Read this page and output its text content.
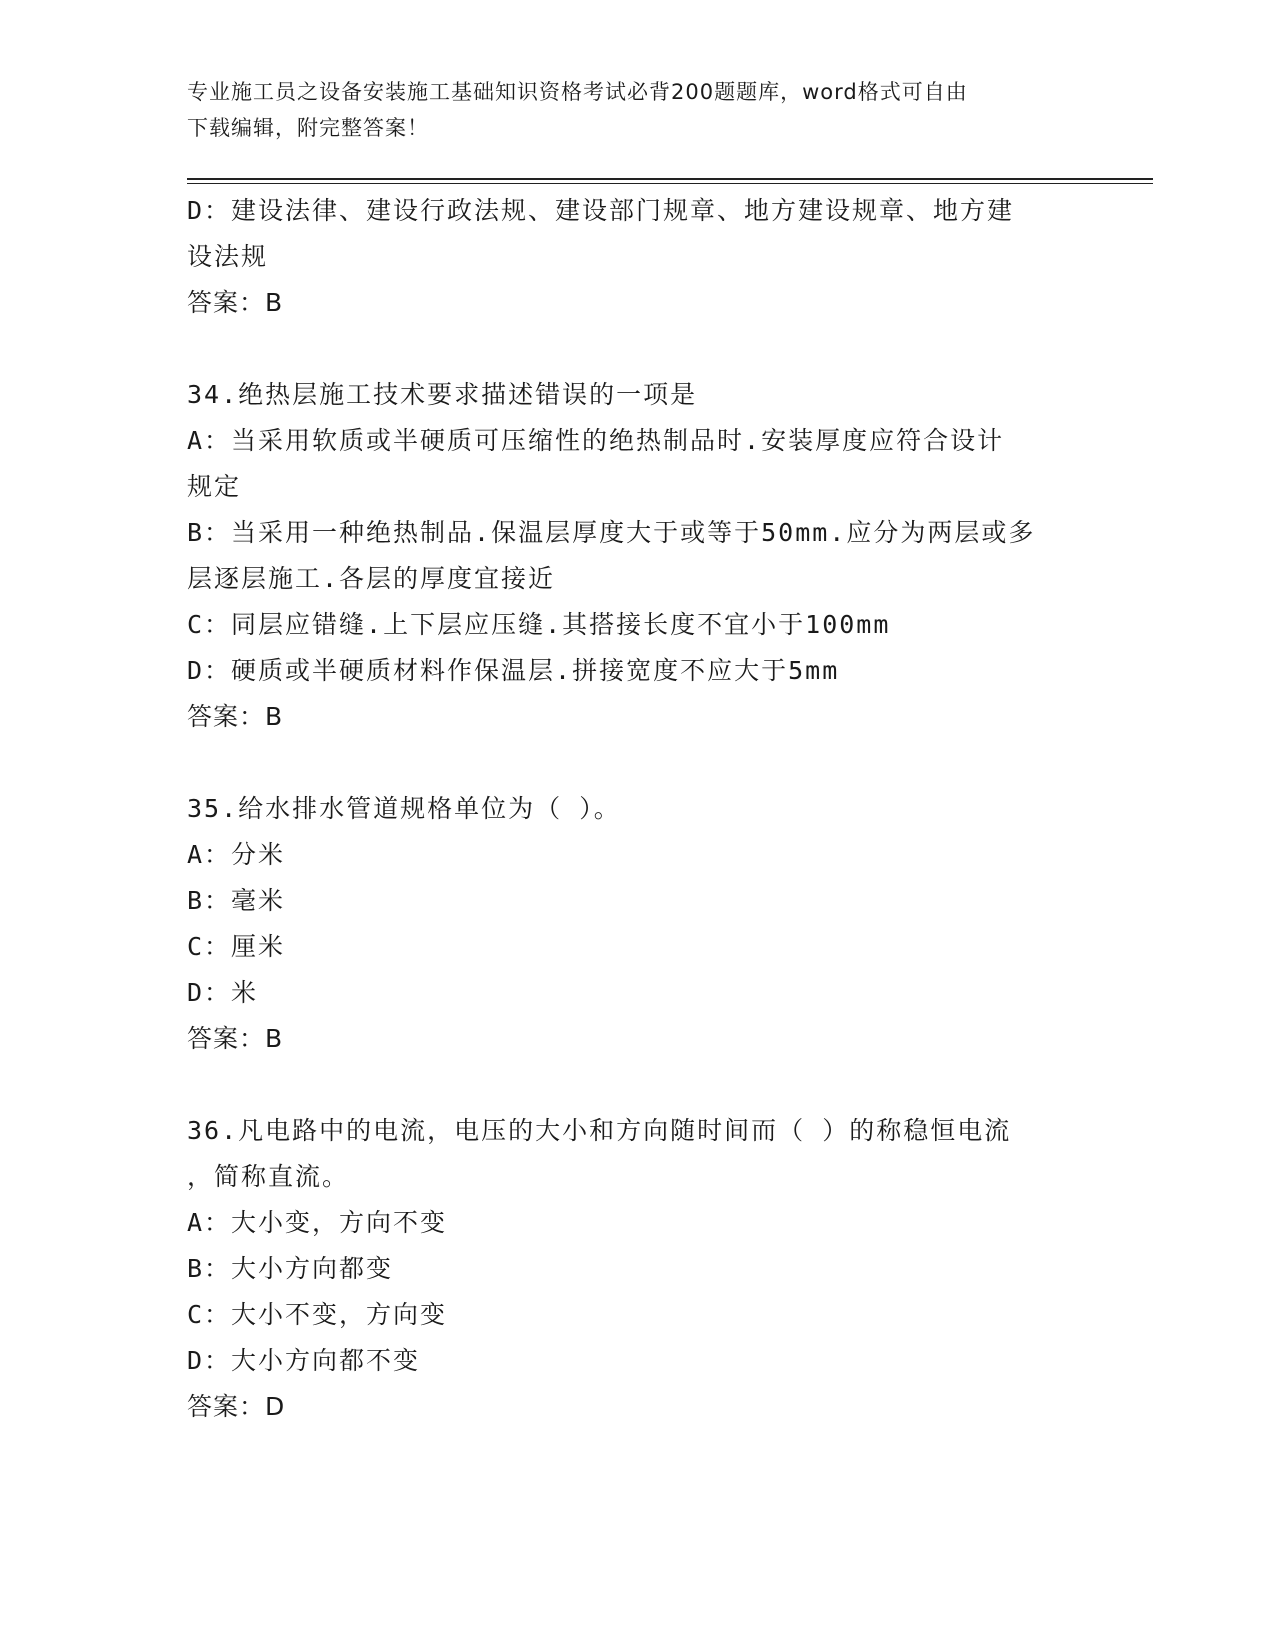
专业施工员之设备安装施工基础知识资格考试必背200题题库，word格式可自由
下载编辑，附完整答案！
D：建设法律、建设行政法规、建设部门规章、地方建设规章、地方建
设法规
答案：B
34.绝热层施工技术要求描述错误的一项是
A：当采用软质或半硬质可压缩性的绝热制品时.安装厚度应符合设计
规定
B：当采用一种绝热制品.保温层厚度大于或等于50mm.应分为两层或多
层逐层施工.各层的厚度宜接近
C：同层应错缝.上下层应压缝.其搭接长度不宜小于100mm
D：硬质或半硬质材料作保温层.拼接宽度不应大于5mm
答案：B
35.给水排水管道规格单位为（ ）。
A：分米
B：毫米
C：厘米
D：米
答案：B
36.凡电路中的电流，电压的大小和方向随时间而（ ）的称稳恒电流
，简称直流。
A：大小变，方向不变
B：大小方向都变
C：大小不变，方向变
D：大小方向都不变
答案：D
